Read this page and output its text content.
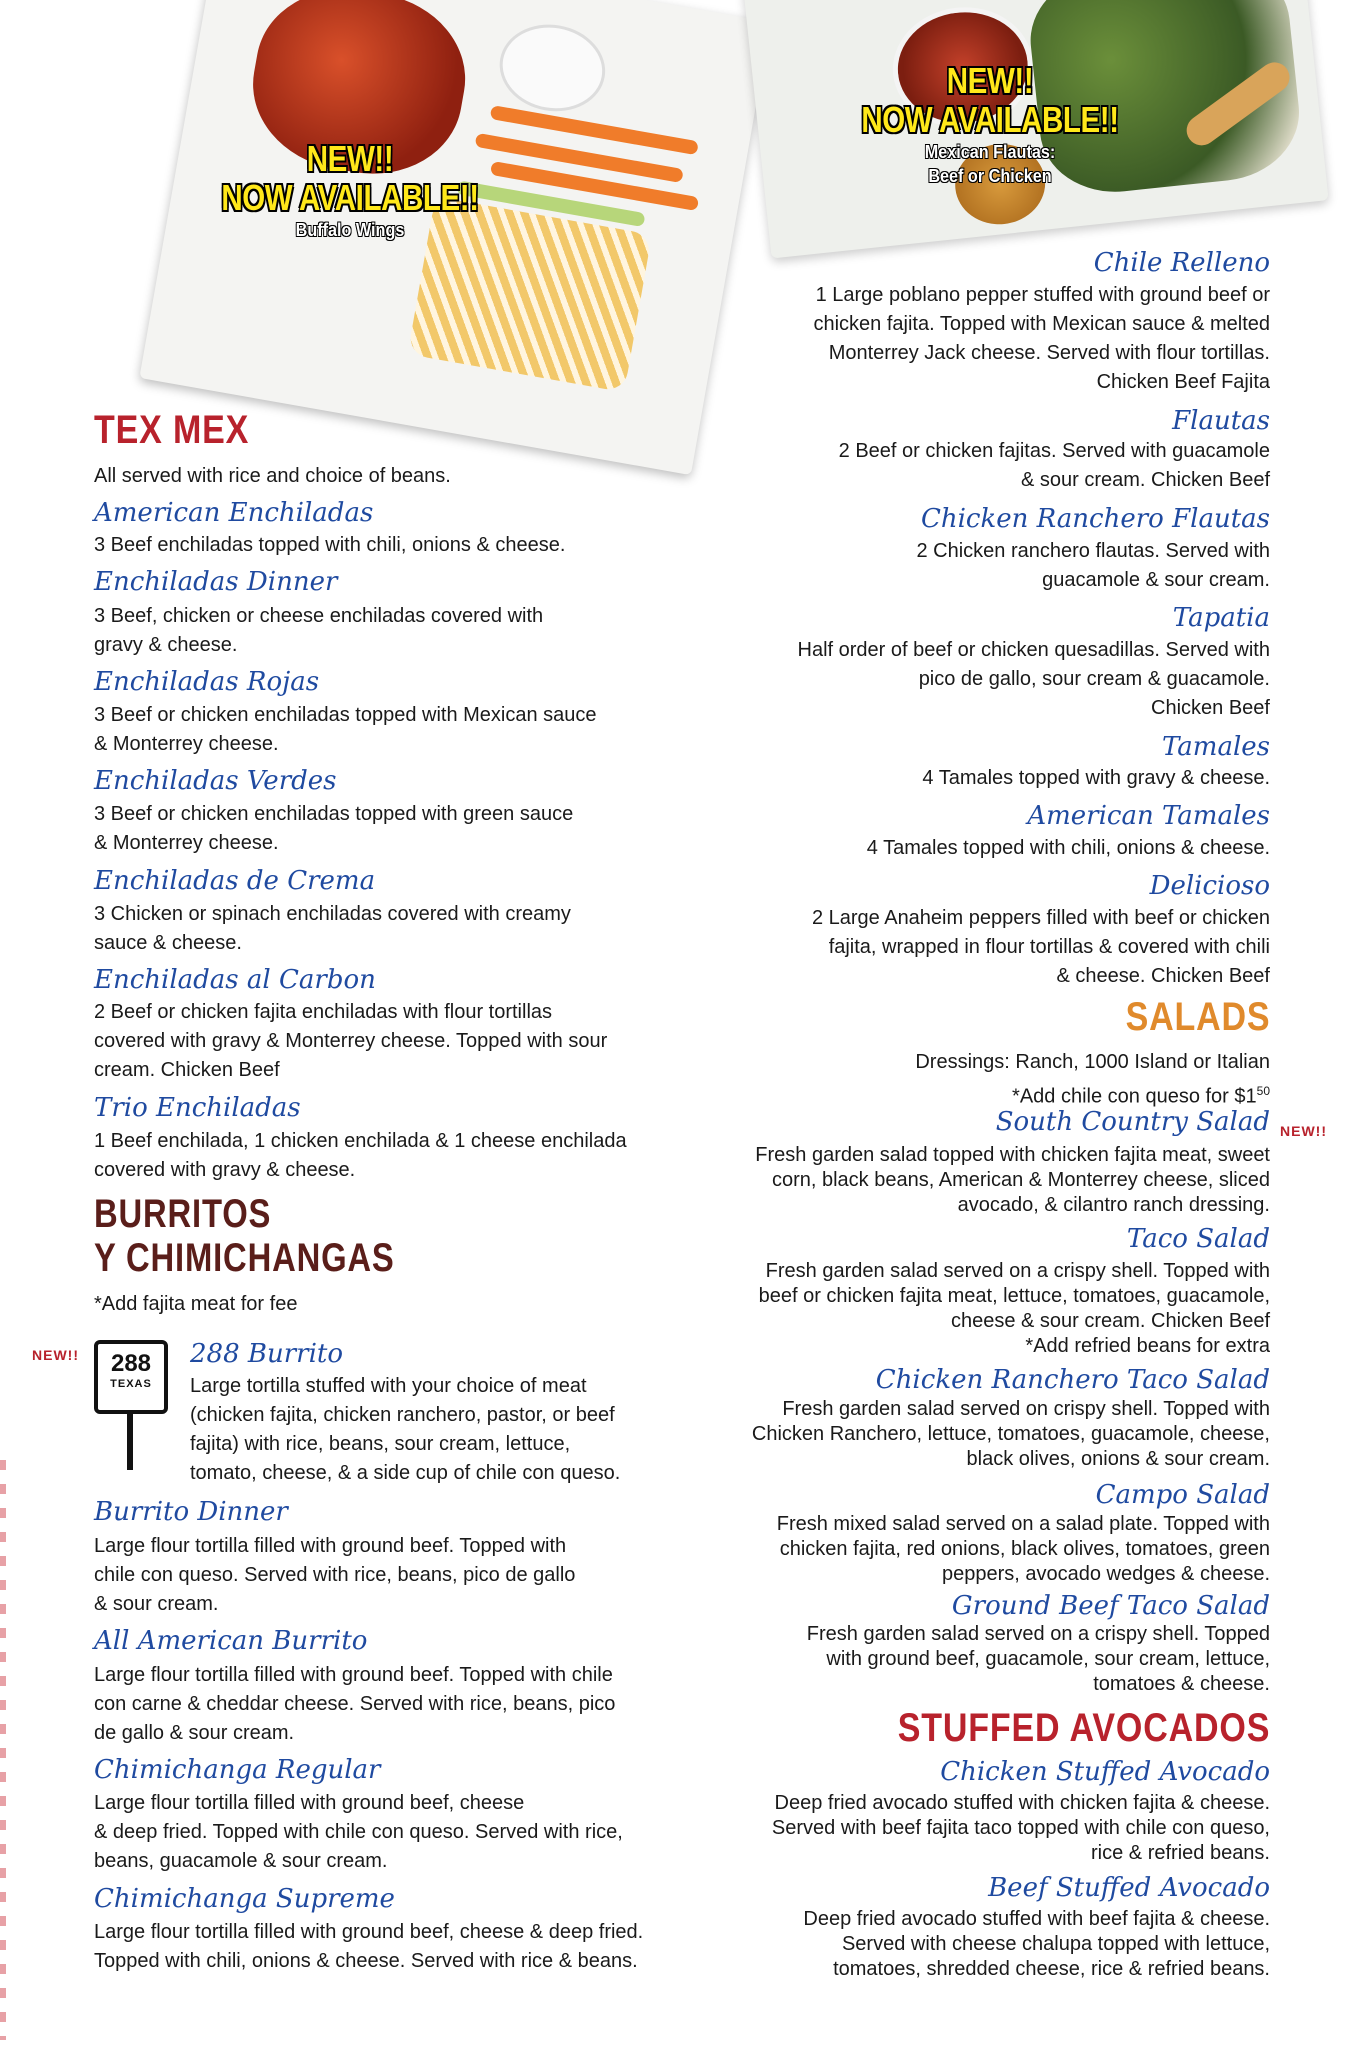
NEW!!
NOW AVAILABLE!!
Buffalo Wings
NEW!!
NOW AVAILABLE!!
Mexican Flautas:
Beef or Chicken
TEX MEX
All served with rice and choice of beans.
American Enchiladas
3 Beef enchiladas topped with chili, onions & cheese.
Enchiladas Dinner
3 Beef, chicken or cheese enchiladas covered with
gravy & cheese.
Enchiladas Rojas
3 Beef or chicken enchiladas topped with Mexican sauce
& Monterrey cheese.
Enchiladas Verdes
3 Beef or chicken enchiladas topped with green sauce
& Monterrey cheese.
Enchiladas de Crema
3 Chicken or spinach enchiladas covered with creamy
sauce & cheese.
Enchiladas al Carbon
2 Beef or chicken fajita enchiladas with flour tortillas
covered with gravy & Monterrey cheese. Topped with sour
cream. Chicken Beef
Trio Enchiladas
1 Beef enchilada, 1 chicken enchilada & 1 cheese enchilada
covered with gravy & cheese.
BURRITOS
Y CHIMICHANGAS
*Add fajita meat for fee
NEW!!	288
TEXAS
288 Burrito
Large tortilla stuffed with your choice of meat
(chicken fajita, chicken ranchero, pastor, or beef
fajita) with rice, beans, sour cream, lettuce,
tomato, cheese, & a side cup of chile con queso.
Burrito Dinner
Large flour tortilla filled with ground beef. Topped with
chile con queso. Served with rice, beans, pico de gallo
& sour cream.
All American Burrito
Large flour tortilla filled with ground beef. Topped with chile
con carne & cheddar cheese. Served with rice, beans, pico
de gallo & sour cream.
Chimichanga Regular
Large flour tortilla filled with ground beef, cheese
& deep fried. Topped with chile con queso. Served with rice,
beans, guacamole & sour cream.
Chimichanga Supreme
Large flour tortilla filled with ground beef, cheese & deep fried.
Topped with chili, onions & cheese. Served with rice & beans.
Chile Relleno
1 Large poblano pepper stuffed with ground beef or
chicken fajita. Topped with Mexican sauce & melted
Monterrey Jack cheese. Served with flour tortillas.
Chicken Beef Fajita
Flautas
2 Beef or chicken fajitas. Served with guacamole
& sour cream. Chicken Beef
Chicken Ranchero Flautas
2 Chicken ranchero flautas. Served with
guacamole & sour cream.
Tapatia
Half order of beef or chicken quesadillas. Served with
pico de gallo, sour cream & guacamole.
Chicken Beef
Tamales
4 Tamales topped with gravy & cheese.
American Tamales
4 Tamales topped with chili, onions & cheese.
Delicioso
2 Large Anaheim peppers filled with beef or chicken
fajita, wrapped in flour tortillas & covered with chili
& cheese. Chicken Beef
SALADS
Dressings: Ranch, 1000 Island or Italian
*Add chile con queso for $\$1^{50}$
South Country Salad NEW!!
Fresh garden salad topped with chicken fajita meat, sweet
corn, black beans, American & Monterrey cheese, sliced
avocado, & cilantro ranch dressing.
Taco Salad
Fresh garden salad served on a crispy shell. Topped with
beef or chicken fajita meat, lettuce, tomatoes, guacamole,
cheese & sour cream. Chicken Beef
*Add refried beans for extra
Chicken Ranchero Taco Salad
Fresh garden salad served on crispy shell. Topped with
Chicken Ranchero, lettuce, tomatoes, guacamole, cheese,
black olives, onions & sour cream.
Campo Salad
Fresh mixed salad served on a salad plate. Topped with
chicken fajita, red onions, black olives, tomatoes, green
peppers, avocado wedges & cheese.
Ground Beef Taco Salad
Fresh garden salad served on a crispy shell. Topped
with ground beef, guacamole, sour cream, lettuce,
tomatoes & cheese.
STUFFED AVOCADOS
Chicken Stuffed Avocado
Deep fried avocado stuffed with chicken fajita & cheese.
Served with beef fajita taco topped with chile con queso,
rice & refried beans.
Beef Stuffed Avocado
Deep fried avocado stuffed with beef fajita & cheese.
Served with cheese chalupa topped with lettuce,
tomatoes, shredded cheese, rice & refried beans.
